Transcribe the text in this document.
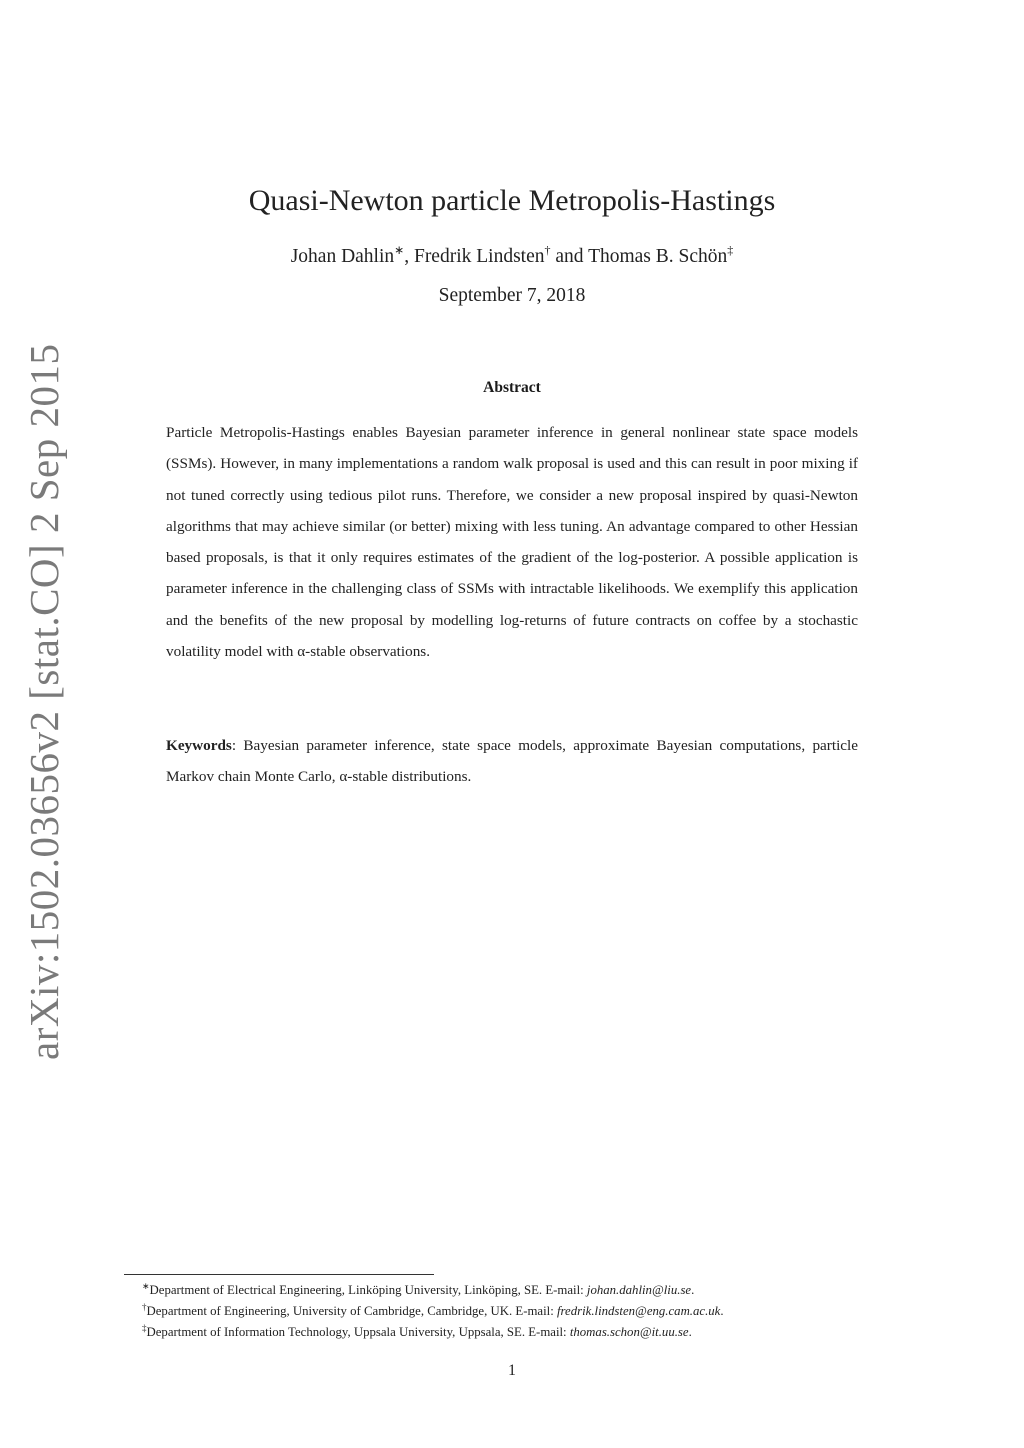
arXiv:1502.03656v2 [stat.CO] 2 Sep 2015
Quasi-Newton particle Metropolis-Hastings
Johan Dahlin∗, Fredrik Lindsten† and Thomas B. Schön‡
September 7, 2018
Abstract
Particle Metropolis-Hastings enables Bayesian parameter inference in general nonlinear state space models (SSMs). However, in many implementations a random walk proposal is used and this can result in poor mixing if not tuned correctly using tedious pilot runs. Therefore, we consider a new proposal inspired by quasi-Newton algorithms that may achieve similar (or better) mixing with less tuning. An advantage compared to other Hessian based proposals, is that it only requires estimates of the gradient of the log-posterior. A possible application is parameter inference in the challenging class of SSMs with intractable likelihoods. We exemplify this application and the benefits of the new proposal by modelling log-returns of future contracts on coffee by a stochastic volatility model with α-stable observations.
Keywords: Bayesian parameter inference, state space models, approximate Bayesian computations, particle Markov chain Monte Carlo, α-stable distributions.
∗Department of Electrical Engineering, Linköping University, Linköping, SE. E-mail: johan.dahlin@liu.se.
†Department of Engineering, University of Cambridge, Cambridge, UK. E-mail: fredrik.lindsten@eng.cam.ac.uk.
‡Department of Information Technology, Uppsala University, Uppsala, SE. E-mail: thomas.schon@it.uu.se.
1
